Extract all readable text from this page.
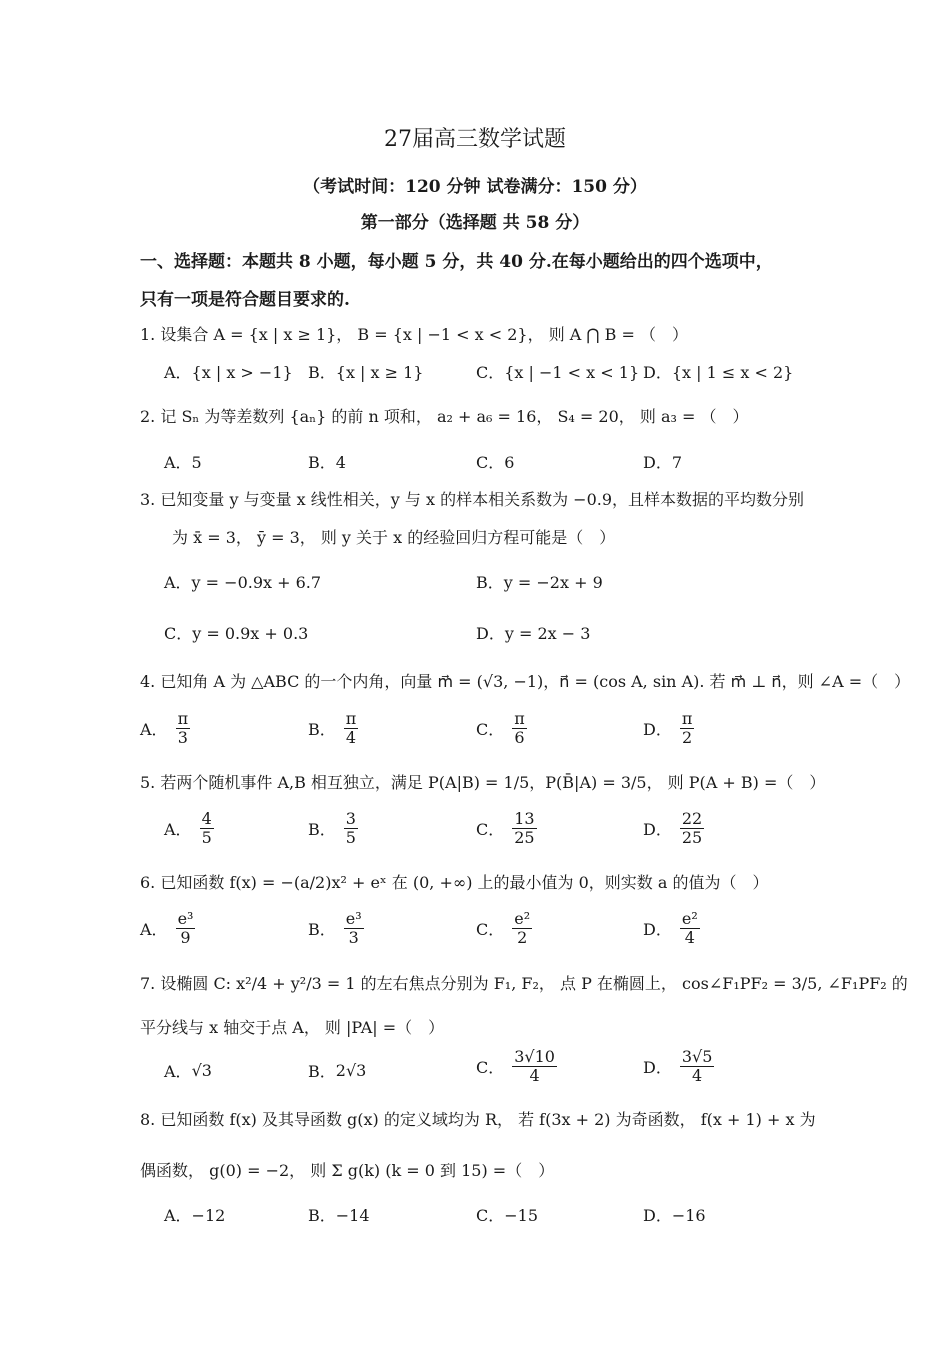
27届高三数学试题
（考试时间：120 分钟 试卷满分：150 分）
第一部分（选择题 共 58 分）
一、选择题：本题共 8 小题，每小题 5 分，共 40 分.在每小题给出的四个选项中，
只有一项是符合题目要求的.
1. 设集合 A = {x | x ≥ 1}， B = {x | −1 < x < 2}， 则 A ⋂ B = （　）
A．{x | x > −1} B．{x | x ≥ 1}	C．{x | −1 < x < 1} D．{x | 1 ≤ x < 2}
2. 记 Sₙ 为等差数列 {aₙ} 的前 n 项和， a₂ + a₆ = 16， S₄ = 20， 则 a₃ = （　）
A．5	B．4	C．6	D．7
3. 已知变量 y 与变量 x 线性相关，y 与 x 的样本相关系数为 −0.9，且样本数据的平均数分别
为 x̄ = 3， ȳ = 3， 则 y 关于 x 的经验回归方程可能是（　）
A．y = −0.9x + 6.7	B．y = −2x + 9
C．y = 0.9x + 0.3	D．y = 2x − 3
4. 已知角 A 为 △ABC 的一个内角，向量 m⃗ = (√3, −1)，n⃗ = (cos A, sin A). 若 m⃗ ⊥ n⃗，则 ∠A =（　）
A． $\frac{\pi}{3}$	B． $\frac{\pi}{4}$	C． $\frac{\pi}{6}$	D． $\frac{\pi}{2}$
5. 若两个随机事件 A,B 相互独立，满足 P(A|B) = 1/5，P(B̄|A) = 3/5， 则 P(A + B) =（　）
A． $\frac{4}{5}$	B． $\frac{3}{5}$	C． $\frac{13}{25}$	D． $\frac{22}{25}$
6. 已知函数 f(x) = −(a/2)x² + eˣ 在 (0, +∞) 上的最小值为 0，则实数 a 的值为（　）
A． $\frac{\text{e³}}{9}$	B． $\frac{\text{e³}}{3}$	C． $\frac{\text{e²}}{2}$	D． $\frac{\text{e²}}{4}$
7. 设椭圆 C: x²/4 + y²/3 = 1 的左右焦点分别为 F₁, F₂， 点 P 在椭圆上， cos∠F₁PF₂ = 3/5, ∠F₁PF₂ 的
平分线与 x 轴交于点 A， 则 |PA| =（　）
A．√3	B．2√3	C． $\frac{3√10}{4}$	D． $\frac{3√5}{4}$
8. 已知函数 f(x) 及其导函数 g(x) 的定义域均为 R， 若 f(3x + 2) 为奇函数， f(x + 1) + x 为
偶函数， g(0) = −2， 则 Σ g(k) (k = 0 到 15) =（　）
A．−12	B．−14	C．−15	D．−16
